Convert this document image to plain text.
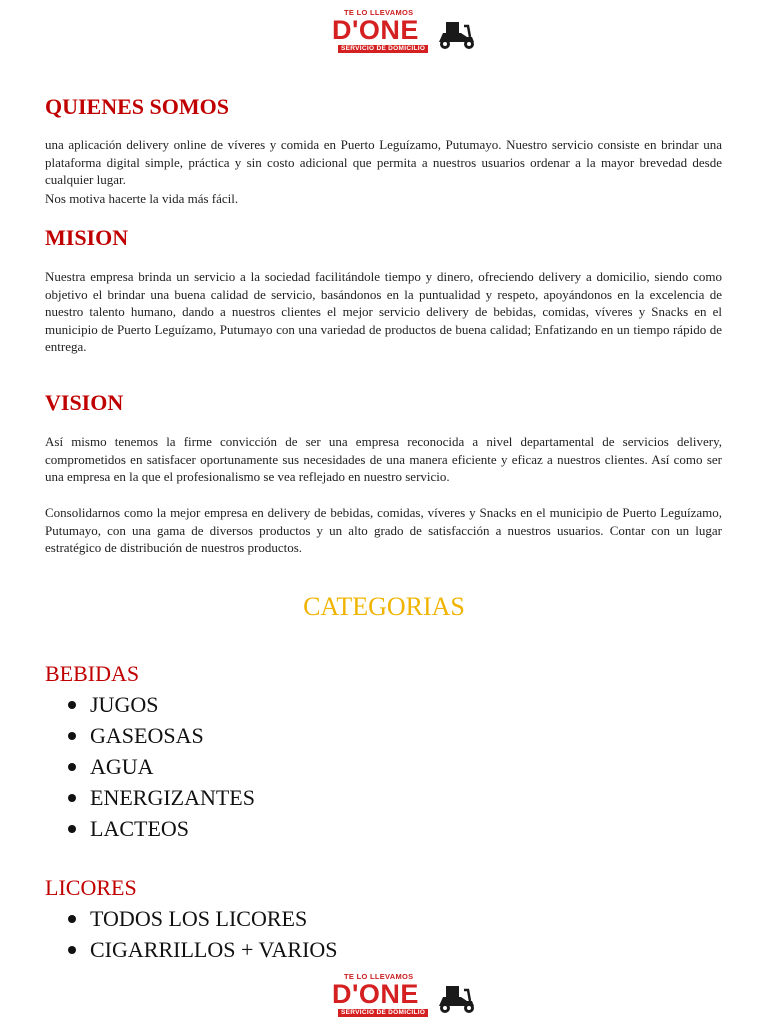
TE LO LLEVAMOS
D'ONE
SERVICIO DE DOMICILIO
QUIENES SOMOS

una aplicación delivery online de víveres y comida en Puerto Leguízamo, Putumayo. Nuestro servicio consiste en brindar una plataforma digital simple, práctica y sin costo adicional que permita a nuestros usuarios ordenar a la mayor brevedad desde cualquier lugar.

Nos motiva hacerte la vida más fácil.

MISION

Nuestra empresa brinda un servicio a la sociedad facilitándole tiempo y dinero, ofreciendo delivery a domicilio, siendo como objetivo el brindar una buena calidad de servicio, basándonos en la puntualidad y respeto, apoyándonos en la excelencia de nuestro talento humano, dando a nuestros clientes el mejor servicio delivery de bebidas, comidas, víveres y Snacks en el municipio de Puerto Leguízamo, Putumayo con una variedad de productos de buena calidad; Enfatizando en un tiempo rápido de entrega.

VISION

Así mismo tenemos la firme convicción de ser una empresa reconocida a nivel departamental de servicios delivery, comprometidos en satisfacer oportunamente sus necesidades de una manera eficiente y eficaz a nuestros clientes. Así como ser una empresa en la que el profesionalismo se vea reflejado en nuestro servicio.

Consolidarnos como la mejor empresa en delivery de bebidas, comidas, víveres y Snacks en el municipio de Puerto Leguízamo, Putumayo, con una gama de diversos productos y un alto grado de satisfacción a nuestros usuarios. Contar con un lugar estratégico de distribución de nuestros productos.

CATEGORIAS
BEBIDAS
JUGOS
GASEOSAS
AGUA
ENERGIZANTES
LACTEOS
LICORES
TODOS LOS LICORES
CIGARRILLOS + VARIOS
TE LO LLEVAMOS
D'ONE
SERVICIO DE DOMICILIO
